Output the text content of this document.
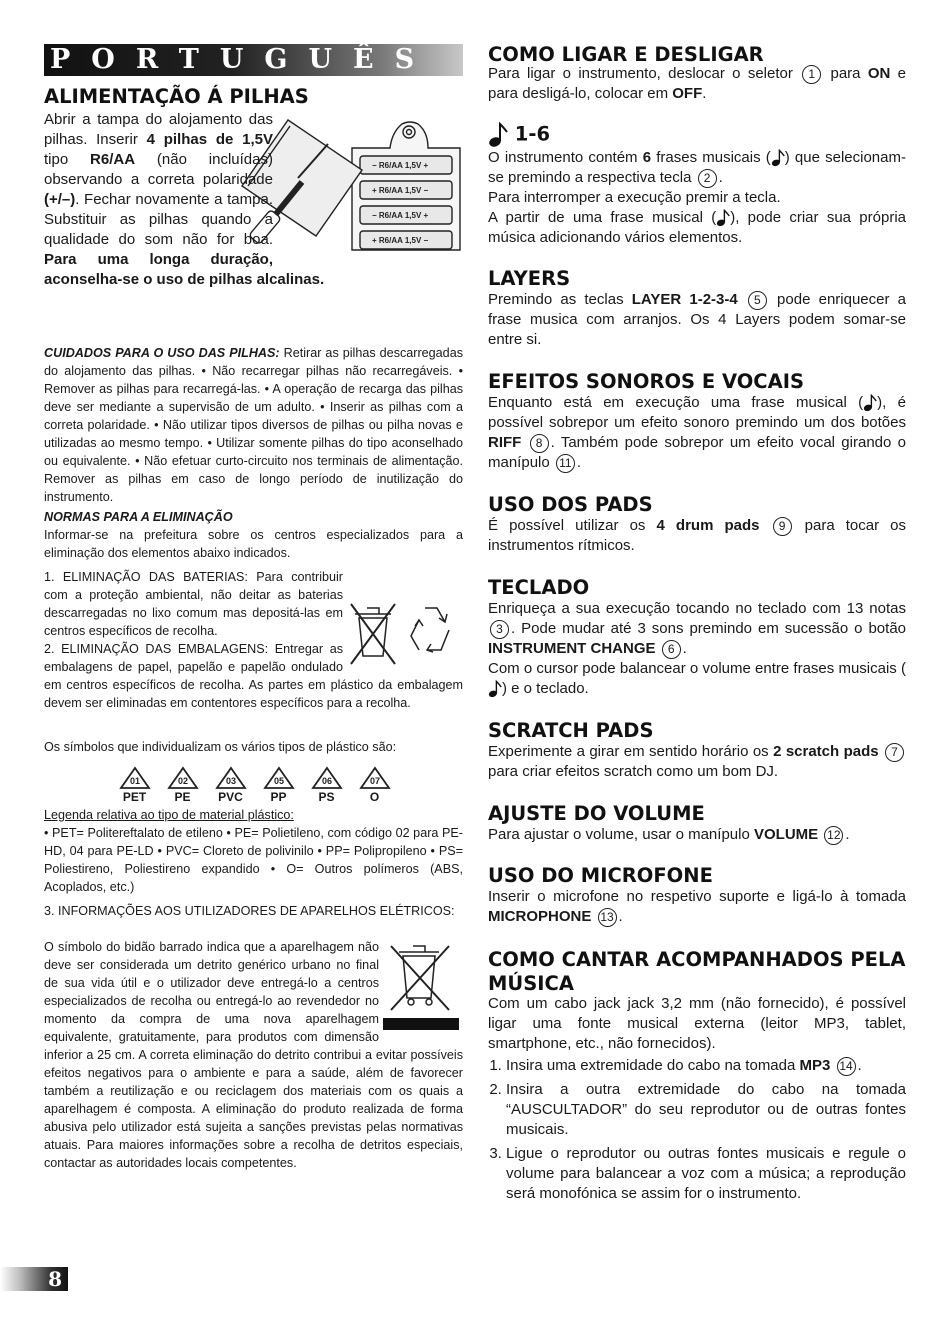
PORTUGUÊS
ALIMENTAÇÃO Á PILHAS
− R6/AA 1,5V +
+ R6/AA 1,5V −
− R6/AA 1,5V +
+ R6/AA 1,5V −
Abrir a tampa do alojamento das pilhas. Inserir 4 pilhas de 1,5V tipo R6/AA (não incluídas) observando a correta polaridade (+/–). Fechar novamente a tampa. Substituir as pilhas quando a qualidade do som não for boa. Para uma longa duração, aconselha-se o uso de pilhas alcalinas.

CUIDADOS PARA O USO DAS PILHAS: Retirar as pilhas descarregadas do alojamento das pilhas. • Não recarregar pilhas não recarregáveis. • Remover as pilhas para recarregá-las. • A operação de recarga das pilhas deve ser mediante a supervisão de um adulto. • Inserir as pilhas com a correta polaridade. • Não utilizar tipos diversos de pilhas ou pilha novas e utilizadas ao mesmo tempo. • Utilizar somente pilhas do tipo aconselhado ou equivalente. • Não efetuar curto-circuito nos terminais de alimentação. Remover as pilhas em caso de longo período de inutilização do instrumento.

NORMAS PARA A ELIMINAÇÃO

Informar-se na prefeitura sobre os centros especializados para a eliminação dos elementos abaixo indicados.

1. ELIMINAÇÃO DAS BATERIAS: Para contribuir com a proteção ambiental, não deitar as baterias descarregadas no lixo comum mas depositá-las em centros específicos de recolha.

2. ELIMINAÇÃO DAS EMBALAGENS: Entregar as embalagens de papel, papelão e papelão ondulado em centros específicos de recolha. As partes em plástico da embalagem devem ser eliminadas em contentores específicos para a recolha.

Os símbolos que individualizam os vários tipos de plástico são:

01
PET
02
PE
03
PVC
05
PP
06
PS
07
O

Legenda relativa ao tipo de material plástico:

• PET= Politereftalato de etileno • PE= Polietileno, com código 02 para PE-HD, 04 para PE-LD • PVC= Cloreto de polivinilo • PP= Polipropileno • PS= Poliestireno, Poliestireno expandido • O= Outros polímeros (ABS, Acoplados, etc.)

3. INFORMAÇÕES AOS UTILIZADORES DE APARELHOS ELÉTRICOS:

O símbolo do bidão barrado indica que a aparelhagem não deve ser considerada um detrito genérico urbano no final de sua vida útil e o utilizador deve entregá-lo a centros especializados de recolha ou entregá-lo ao revendedor no momento da compra de uma nova aparelhagem equivalente, gratuitamente, para produtos com dimensão inferior a 25 cm. A correta eliminação do detrito contribui a evitar possíveis efeitos negativos para o ambiente e para a saúde, além de favorecer também a reutilização e ou reciclagem dos materiais com os quais a aparelhagem é composta. A eliminação do produto realizada de forma abusiva pelo utilizador está sujeita a sanções previstas pelas normativas atuais. Para maiores informações sobre a recolha de detritos especiais, contactar as autoridades locais competentes.

8
COMO LIGAR E DESLIGAR

Para ligar o instrumento, deslocar o seletor 1 para ON e para desligá-lo, colocar em OFF.

1-6

O instrumento contém 6 frases musicais ( ) que selecionam-se premindo a respectiva tecla 2 .

Para interromper a execução premir a tecla.

A partir de uma frase musical ( ), pode criar sua própria música adicionando vários elementos.

LAYERS

Premindo as teclas LAYER 1-2-3-4 5 pode enriquecer a frase musica com arranjos. Os 4 Layers podem somar-se entre si.

EFEITOS SONOROS E VOCAIS

Enquanto está em execução uma frase musical ( ), é possível sobrepor um efeito sonoro premindo um dos botões RIFF 8 . Também pode sobrepor um efeito vocal girando o manípulo 11 .

USO DOS PADS

É possível utilizar os 4 drum pads 9 para tocar os instrumentos rítmicos.

TECLADO

Enriqueça a sua execução tocando no teclado com 13 notas 3 . Pode mudar até 3 sons premindo em sucessão o botão INSTRUMENT CHANGE 6 .

Com o cursor pode balancear o volume entre frases musicais () e o teclado.

SCRATCH PADS

Experimente a girar em sentido horário os 2 scratch pads 7 para criar efeitos scratch como um bom DJ.

AJUSTE DO VOLUME

Para ajustar o volume, usar o manípulo VOLUME 12 .

USO DO MICROFONE

Inserir o microfone no respetivo suporte e ligá-lo à tomada MICROPHONE 13 .

COMO CANTAR ACOMPANHADOS PELA MÚSICA

Com um cabo jack jack 3,2 mm (não fornecido), é possível ligar uma fonte musical externa (leitor MP3, tablet, smartphone, etc., não fornecidos).

1. Insira uma extremidade do cabo na tomada MP3 14 .
2. Insira a outra extremidade do cabo na tomada “AUSCULTADOR” do seu reprodutor ou de outras fontes musicais.
3. Ligue o reprodutor ou outras fontes musicais e regule o volume para balancear a voz com a música; a reprodução será monofónica se assim for o instrumento.
